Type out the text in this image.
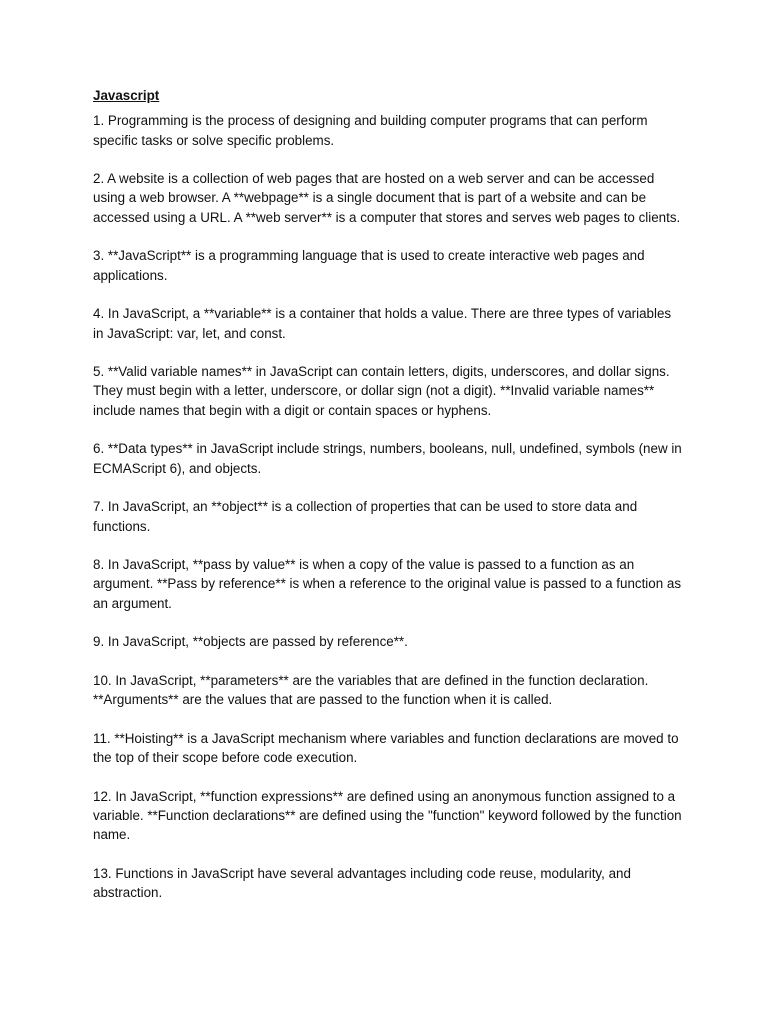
Javascript

1. Programming is the process of designing and building computer programs that can perform specific tasks or solve specific problems.

2. A website is a collection of web pages that are hosted on a web server and can be accessed using a web browser. A **webpage** is a single document that is part of a website and can be accessed using a URL. A **web server** is a computer that stores and serves web pages to clients.

3. **JavaScript** is a programming language that is used to create interactive web pages and applications.

4. In JavaScript, a **variable** is a container that holds a value. There are three types of variables in JavaScript: var, let, and const.

5. **Valid variable names** in JavaScript can contain letters, digits, underscores, and dollar signs. They must begin with a letter, underscore, or dollar sign (not a digit). **Invalid variable names** include names that begin with a digit or contain spaces or hyphens.

6. **Data types** in JavaScript include strings, numbers, booleans, null, undefined, symbols (new in ECMAScript 6), and objects.

7. In JavaScript, an **object** is a collection of properties that can be used to store data and functions.

8. In JavaScript, **pass by value** is when a copy of the value is passed to a function as an argument. **Pass by reference** is when a reference to the original value is passed to a function as an argument.

9. In JavaScript, **objects are passed by reference**.

10. In JavaScript, **parameters** are the variables that are defined in the function declaration. **Arguments** are the values that are passed to the function when it is called.

11. **Hoisting** is a JavaScript mechanism where variables and function declarations are moved to the top of their scope before code execution.

12. In JavaScript, **function expressions** are defined using an anonymous function assigned to a variable. **Function declarations** are defined using the "function" keyword followed by the function name.

13. Functions in JavaScript have several advantages including code reuse, modularity, and abstraction.
